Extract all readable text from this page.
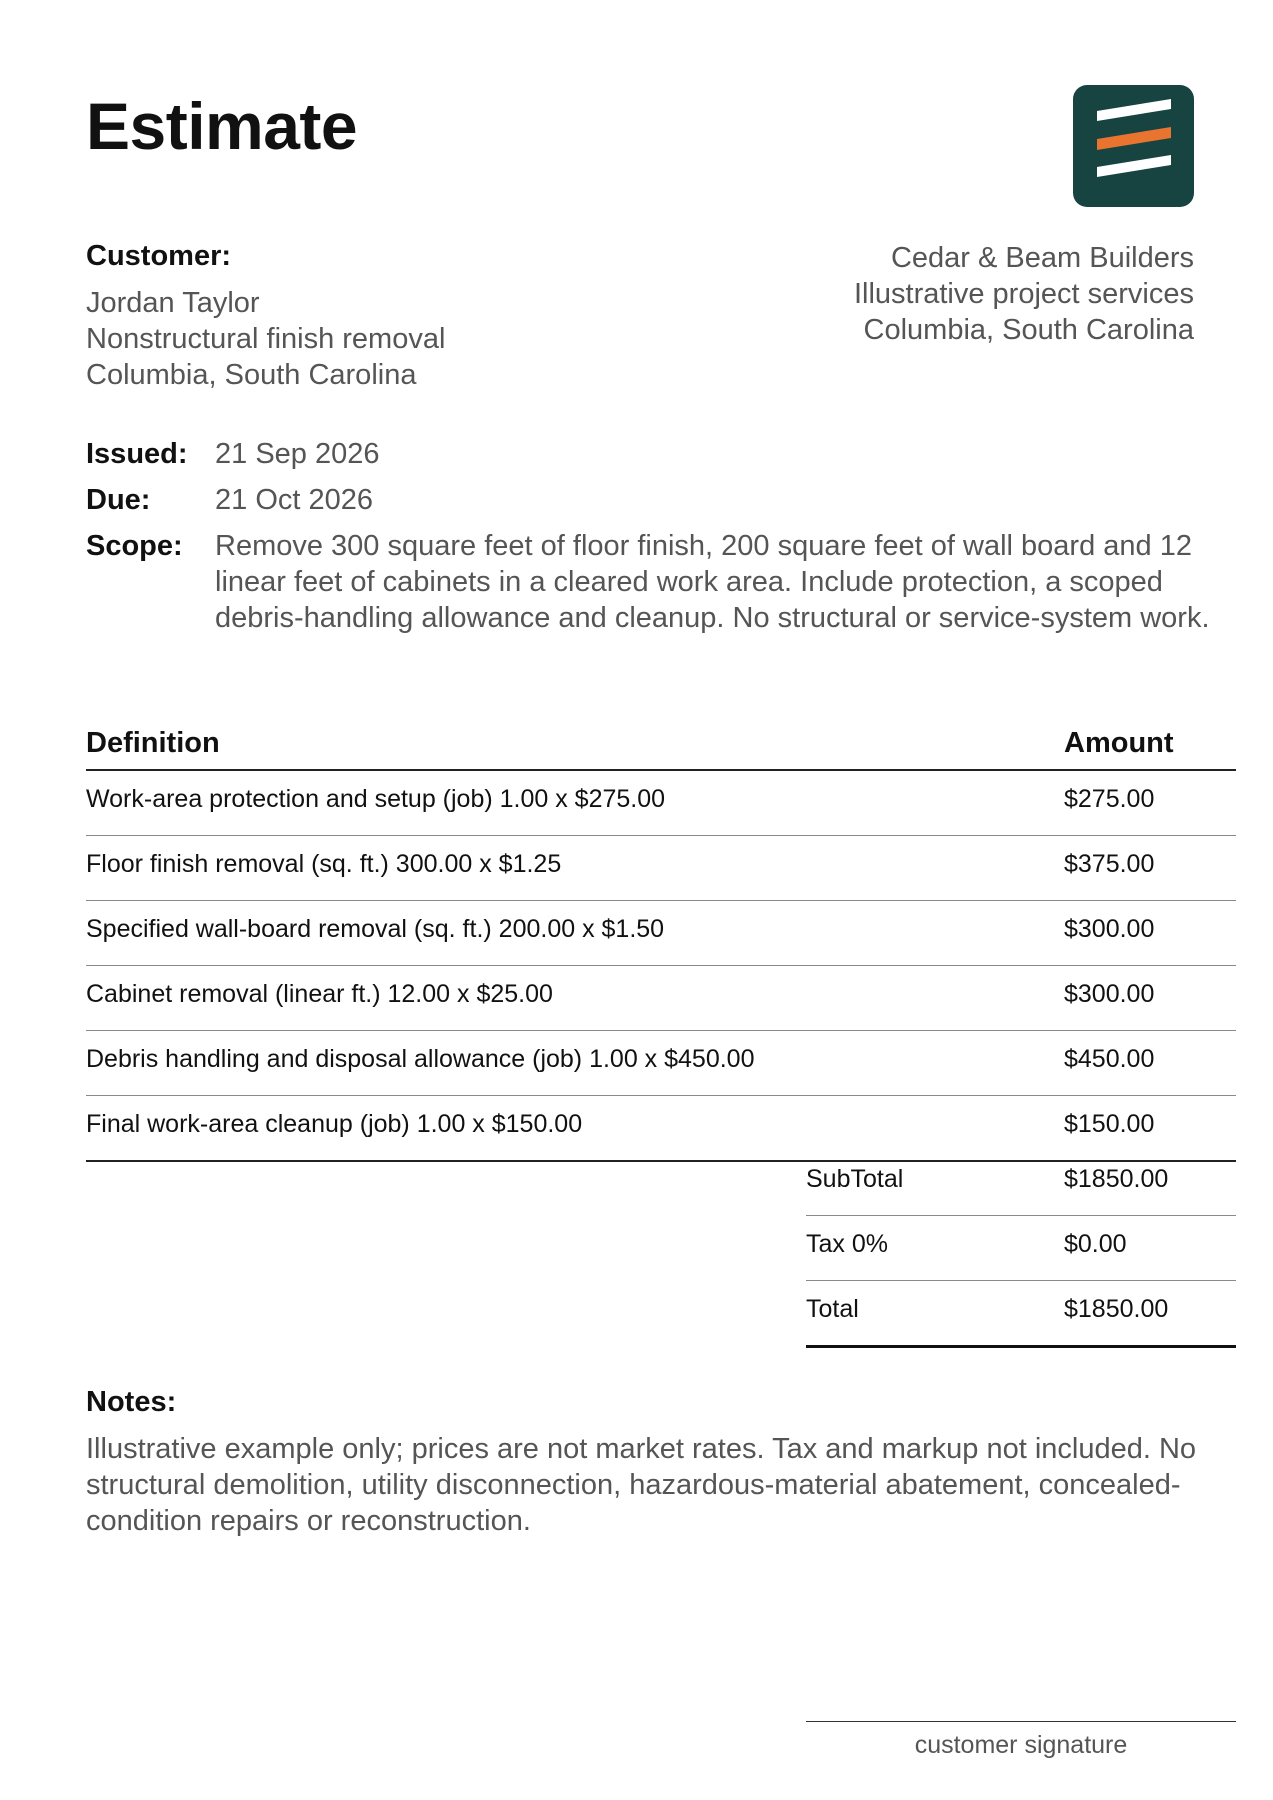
Estimate
Customer:
Jordan Taylor
Nonstructural finish removal
Columbia, South Carolina
Cedar & Beam Builders
Illustrative project services
Columbia, South Carolina
Issued: 21 Sep 2026
Due: 21 Oct 2026
Scope: Remove 300 square feet of floor finish, 200 square feet of wall board and 12 linear feet of cabinets in a cleared work area. Include protection, a scoped debris-handling allowance and cleanup. No structural or service-system work.
Definition	Amount
Work-area protection and setup (job) 1.00 x $275.00	$275.00
Floor finish removal (sq. ft.) 300.00 x $1.25	$375.00
Specified wall-board removal (sq. ft.) 200.00 x $1.50	$300.00
Cabinet removal (linear ft.) 12.00 x $25.00	$300.00
Debris handling and disposal allowance (job) 1.00 x $450.00	$450.00
Final work-area cleanup (job) 1.00 x $150.00	$150.00
SubTotal	$1850.00
Tax 0%	$0.00
Total	$1850.00
Notes:
Illustrative example only; prices are not market rates. Tax and markup not included. No structural demolition, utility disconnection, hazardous-material abatement, concealed-condition repairs or reconstruction.
customer signature
